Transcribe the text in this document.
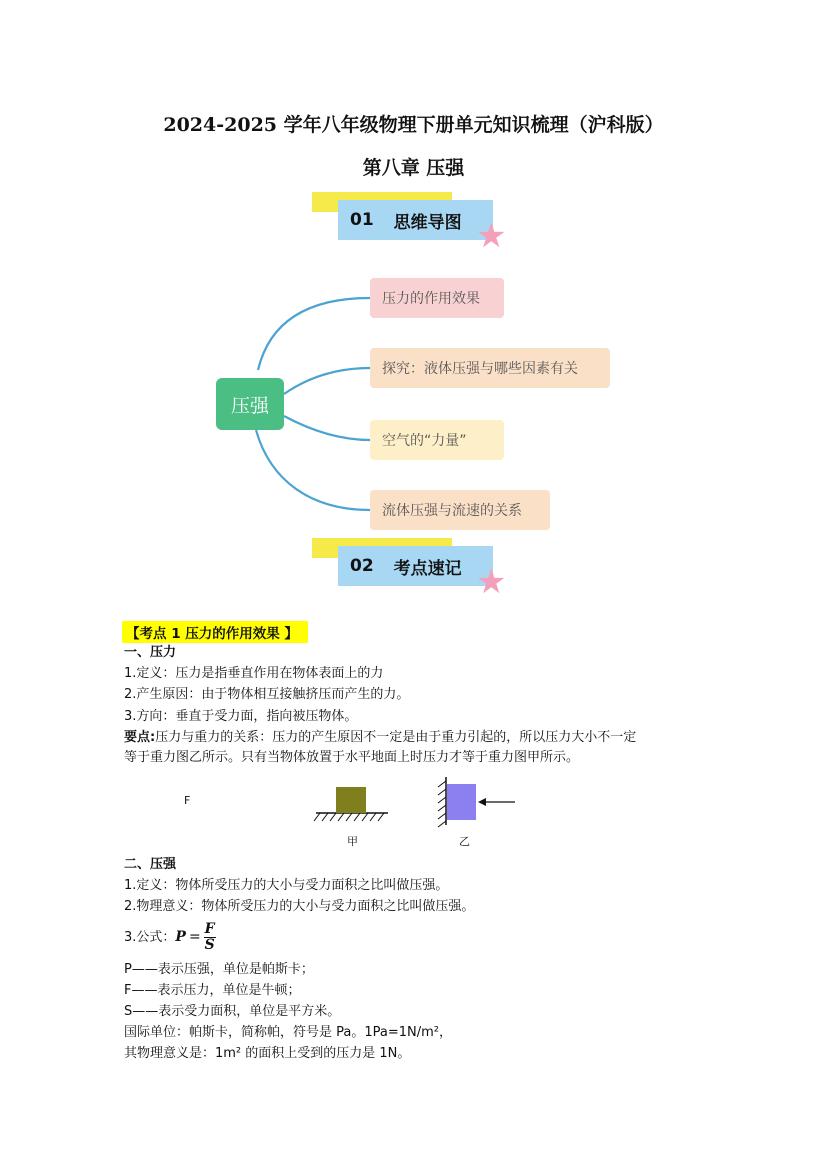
2024-2025 学年八年级物理下册单元知识梳理（沪科版）
第八章 压强
01 思维导图 ★
压强
压力的作用效果
探究：液体压强与哪些因素有关
空气的“力量”
流体压强与流速的关系
02 考点速记 ★
【考点 1 压力的作用效果 】
一、压力
1.定义：压力是指垂直作用在物体表面上的力
2.产生原因：由于物体相互接触挤压而产生的力。
3.方向：垂直于受力面，指向被压物体。
要点:压力与重力的关系：压力的产生原因不一定是由于重力引起的，所以压力大小不一定
等于重力图乙所示。只有当物体放置于水平地面上时压力才等于重力图甲所示。
F
甲	乙
二、压强
1.定义：物体所受压力的大小与受力面积之比叫做压强。
2.物理意义：物体所受压力的大小与受力面积之比叫做压强。
3.公式：$P = \frac{F}{S}$
P——表示压强，单位是帕斯卡；
F——表示压力，单位是牛顿；
S——表示受力面积，单位是平方米。
国际单位：帕斯卡，简称帕，符号是 Pa。1Pa=1N/m²，
其物理意义是：1m² 的面积上受到的压力是 1N。
